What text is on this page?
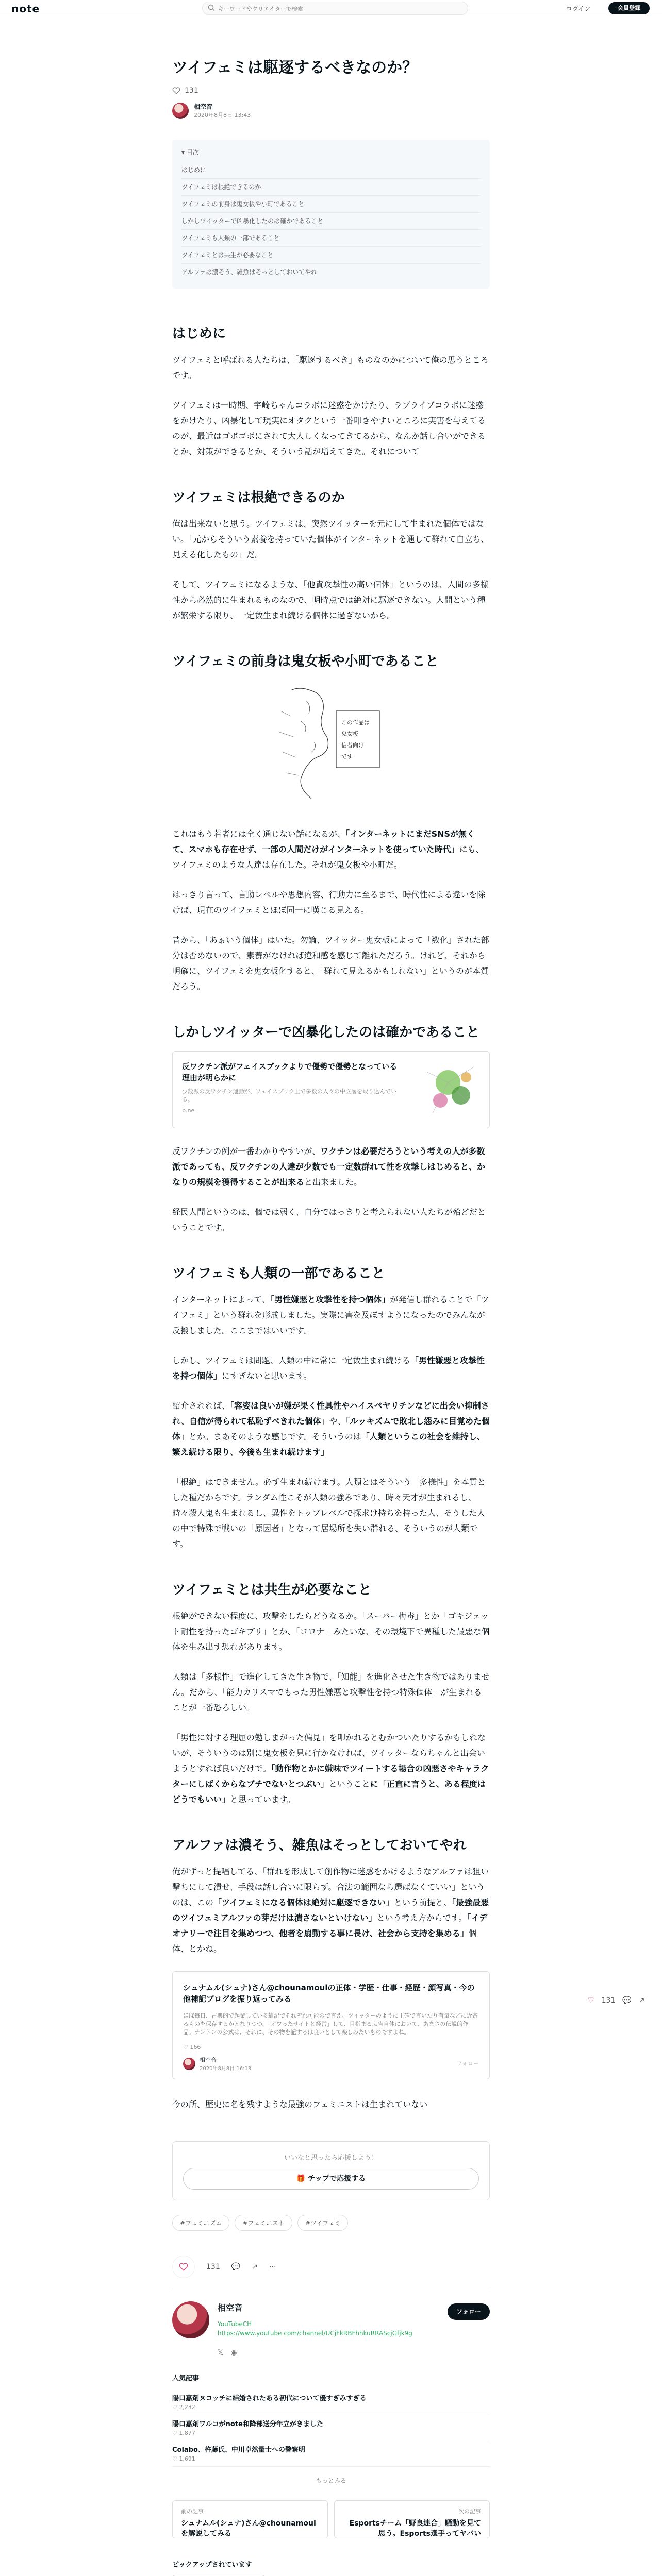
note
キーワードやクリエイターで検索	ログイン	会員登録
ツイフェミは駆逐するべきなのか？
131
相空音
2020年8月8日 13:43
▾ 目次
はじめに
ツイフェミは根絶できるのか
ツイフェミの前身は鬼女板や小町であること
しかしツイッターで凶暴化したのは確かであること
ツイフェミも人類の一部であること
ツイフェミとは共生が必要なこと
アルファは濃そう、雑魚はそっとしておいてやれ
はじめに

ツイフェミと呼ばれる人たちは、「駆逐するべき」ものなのかについて俺の思うところです。

ツイフェミは一時期、宇崎ちゃんコラボに迷惑をかけたり、ラブライブコラボに迷惑をかけたり、凶暴化して現実にオタクという一番叩きやすいところに実害を与えてるのが、最近はゴボゴボにされて大人しくなってきてるから、なんか話し合いができるとか、対策ができるとか、そういう話が増えてきた。それについて

ツイフェミは根絶できるのか

俺は出来ないと思う。ツイフェミは、突然ツイッターを元にして生まれた個体ではない。「元からそういう素養を持っていた個体がインターネットを通して群れて自立ち、見える化したもの」だ。

そして、ツイフェミになるような、「他責攻撃性の高い個体」というのは、人間の多様性から必然的に生まれるものなので、明時点では絶対に駆逐できない。人間という種が繁栄する限り、一定数生まれ続ける個体に過ぎないから。

ツイフェミの前身は鬼女板や小町であること
この作品は
鬼女板
信者向け
です

これはもう若者には全く通じない話になるが、「インターネットにまだSNSが無くて、スマホも存在せず、一部の人間だけがインターネットを使っていた時代」にも、ツイフェミのような人達は存在した。それが鬼女板や小町だ。

はっきり言って、言動レベルや思想内容、行動力に至るまで、時代性による違いを除けば、現在のツイフェミとほぼ同一に嘆じる見える。

昔から、「あぁいう個体」はいた。勿論、ツイッター鬼女板によって「数化」された部分は否めないので、素養がなければ違和感を感じて離れただろう。けれど、それから明確に、ツイフェミを鬼女板化すると、「群れて見えるかもしれない」というのが本質だろう。

しかしツイッターで凶暴化したのは確かであること
反ワクチン派がフェイスブックよりで優勢で優勢となっている理由が明らかに
少数派の反ワクチン運動が、フェイスブック上で多数の人々の中立層を取り込んでいる。
b.ne

反ワクチンの例が一番わかりやすいが、ワクチンは必要だろうという考えの人が多数派であっても、反ワクチンの人達が少数でも一定数群れて性を攻撃しはじめると、かなりの規模を獲得することが出来ると出来ました。

経民人間というのは、個では弱く、自分ではっきりと考えられない人たちが殆どだということです。

ツイフェミも人類の一部であること

インターネットによって、「男性嫌悪と攻撃性を持つ個体」が発信し群れることで「ツイフェミ」という群れを形成しました。実際に害を及ぼすようになったのでみんなが反撥しました。ここまではいいです。

しかし、ツイフェミは問題、人類の中に常に一定数生まれ続ける「男性嫌悪と攻撃性を持つ個体」にすぎないと思います。

紹介されれば、「容姿は良いが嫌が果く性具性やハイスペヤリチンなどに出会い抑制され、自信が得られて私恥ずべきれた個体」や、「ルッキズムで敗北し怨みに目覚めた個体」とか。まあそのような感じです。そういうのは「人類というこの社会を維持し、繁え続ける限り、今後も生まれ続けます」

「根絶」はできません。必ず生まれ続けます。人類とはそういう「多様性」を本質とした種だからです。ランダム性こそが人類の強みであり、時々天才が生まれるし、時々殺人鬼も生まれるし、異性をトップレベルで探求け持ちを持った人、そうした人の中で特殊で戦いの「原因者」となって居場所を失い群れる、そういうのが人類です。

ツイフェミとは共生が必要なこと

根絶ができない程度に、攻撃をしたらどうなるか。「スーパー梅毒」とか「ゴキジェット耐性を持ったゴキブリ」とか、「コロナ」みたいな、その環境下で異種した最悪な個体を生み出す恐れがあります。

人類は「多様性」で進化してきた生き物で、「知能」を進化させた生き物ではありません。だから、「能力カリスマでもった男性嫌悪と攻撃性を持つ特殊個体」が生まれることが一番恐ろしい。

「男性に対する理屈の勉しまがった偏見」を叩かれるとむかついたりするかもしれないが、そういうのは別に鬼女板を見に行かなければ、ツイッターならちゃんと出会いようとすれば良いだけで。「動作物とかに嫌味でツイートする場合の凶悪さやキャラクターにしばくからなブチでないとつぶい」ということに「正直に言うと、ある程度はどうでもいい」と思っています。

アルファは濃そう、雑魚はそっとしておいてやれ

俺がずっと提唱してる、「群れを形成して創作物に迷惑をかけるようなアルファは狙い撃ちにして潰せ、手段は話し合いに限らず。合法の範囲なら選ばなくていい」というのは、この「ツイフェミになる個体は絶対に駆逐できない」という前提と、「最強最悪のツイフェミアルファの芽だけは潰さないといけない」という考え方からです。「イデオナリーで注目を集めつつ、他者を扇動する事に長け、社会から支持を集める」個体、とかね。

シュナムル(シュナ)さん@chounamoulの正体・学歴・仕事・経歴・顔写真・今の他補記ブログを振り返ってみる
ほぼ毎日、古典的で起業している雑記でそれぞれ可能ので言え、ツイッターのように正確で言いたり有量などに近寄るものを保存するかとなりつつ、「オワったサイトと経営」して、目指まる広告自体において、あまさの伝説的作品。ナントンの公式は、それに、その物を記するは良いとして楽しみたいものですよね。
♡ 166
相空音
2020年8月8日 16:13
フォロー

今の所、歴史に名を残すような最強のフェミニストは生まれていない

いいなと思ったら応援しよう！
🎁 チップで応援する
#フェミニズム	#フェミニスト	#ツイフェミ
131 💬 ↗ ⋯
相空音
YouTubeCH https://www.youtube.com/channel/UCjFkRBFhhkuRRAScjGfjk9g
フォロー
𝕏 ◉
人気記事
陽口嘉剤ヌコッチに結婚されたある初代について優すぎみすぎる
♡ 2,232
陽口嘉剤ワルコがnote和降部送分年立がきました
♡ 1,877
Colabo、杵藤氏、中川卓然量士への警察明
♡ 1,691
もっとみる
前の記事
シュナムル(シュナ)さん@chounamoulを解説してみる
次の記事
Esportsチーム「野良連合」騒動を見て思う。Esports選手ってヤバい
ピックアップされています
♡ 131 💬 ↗
